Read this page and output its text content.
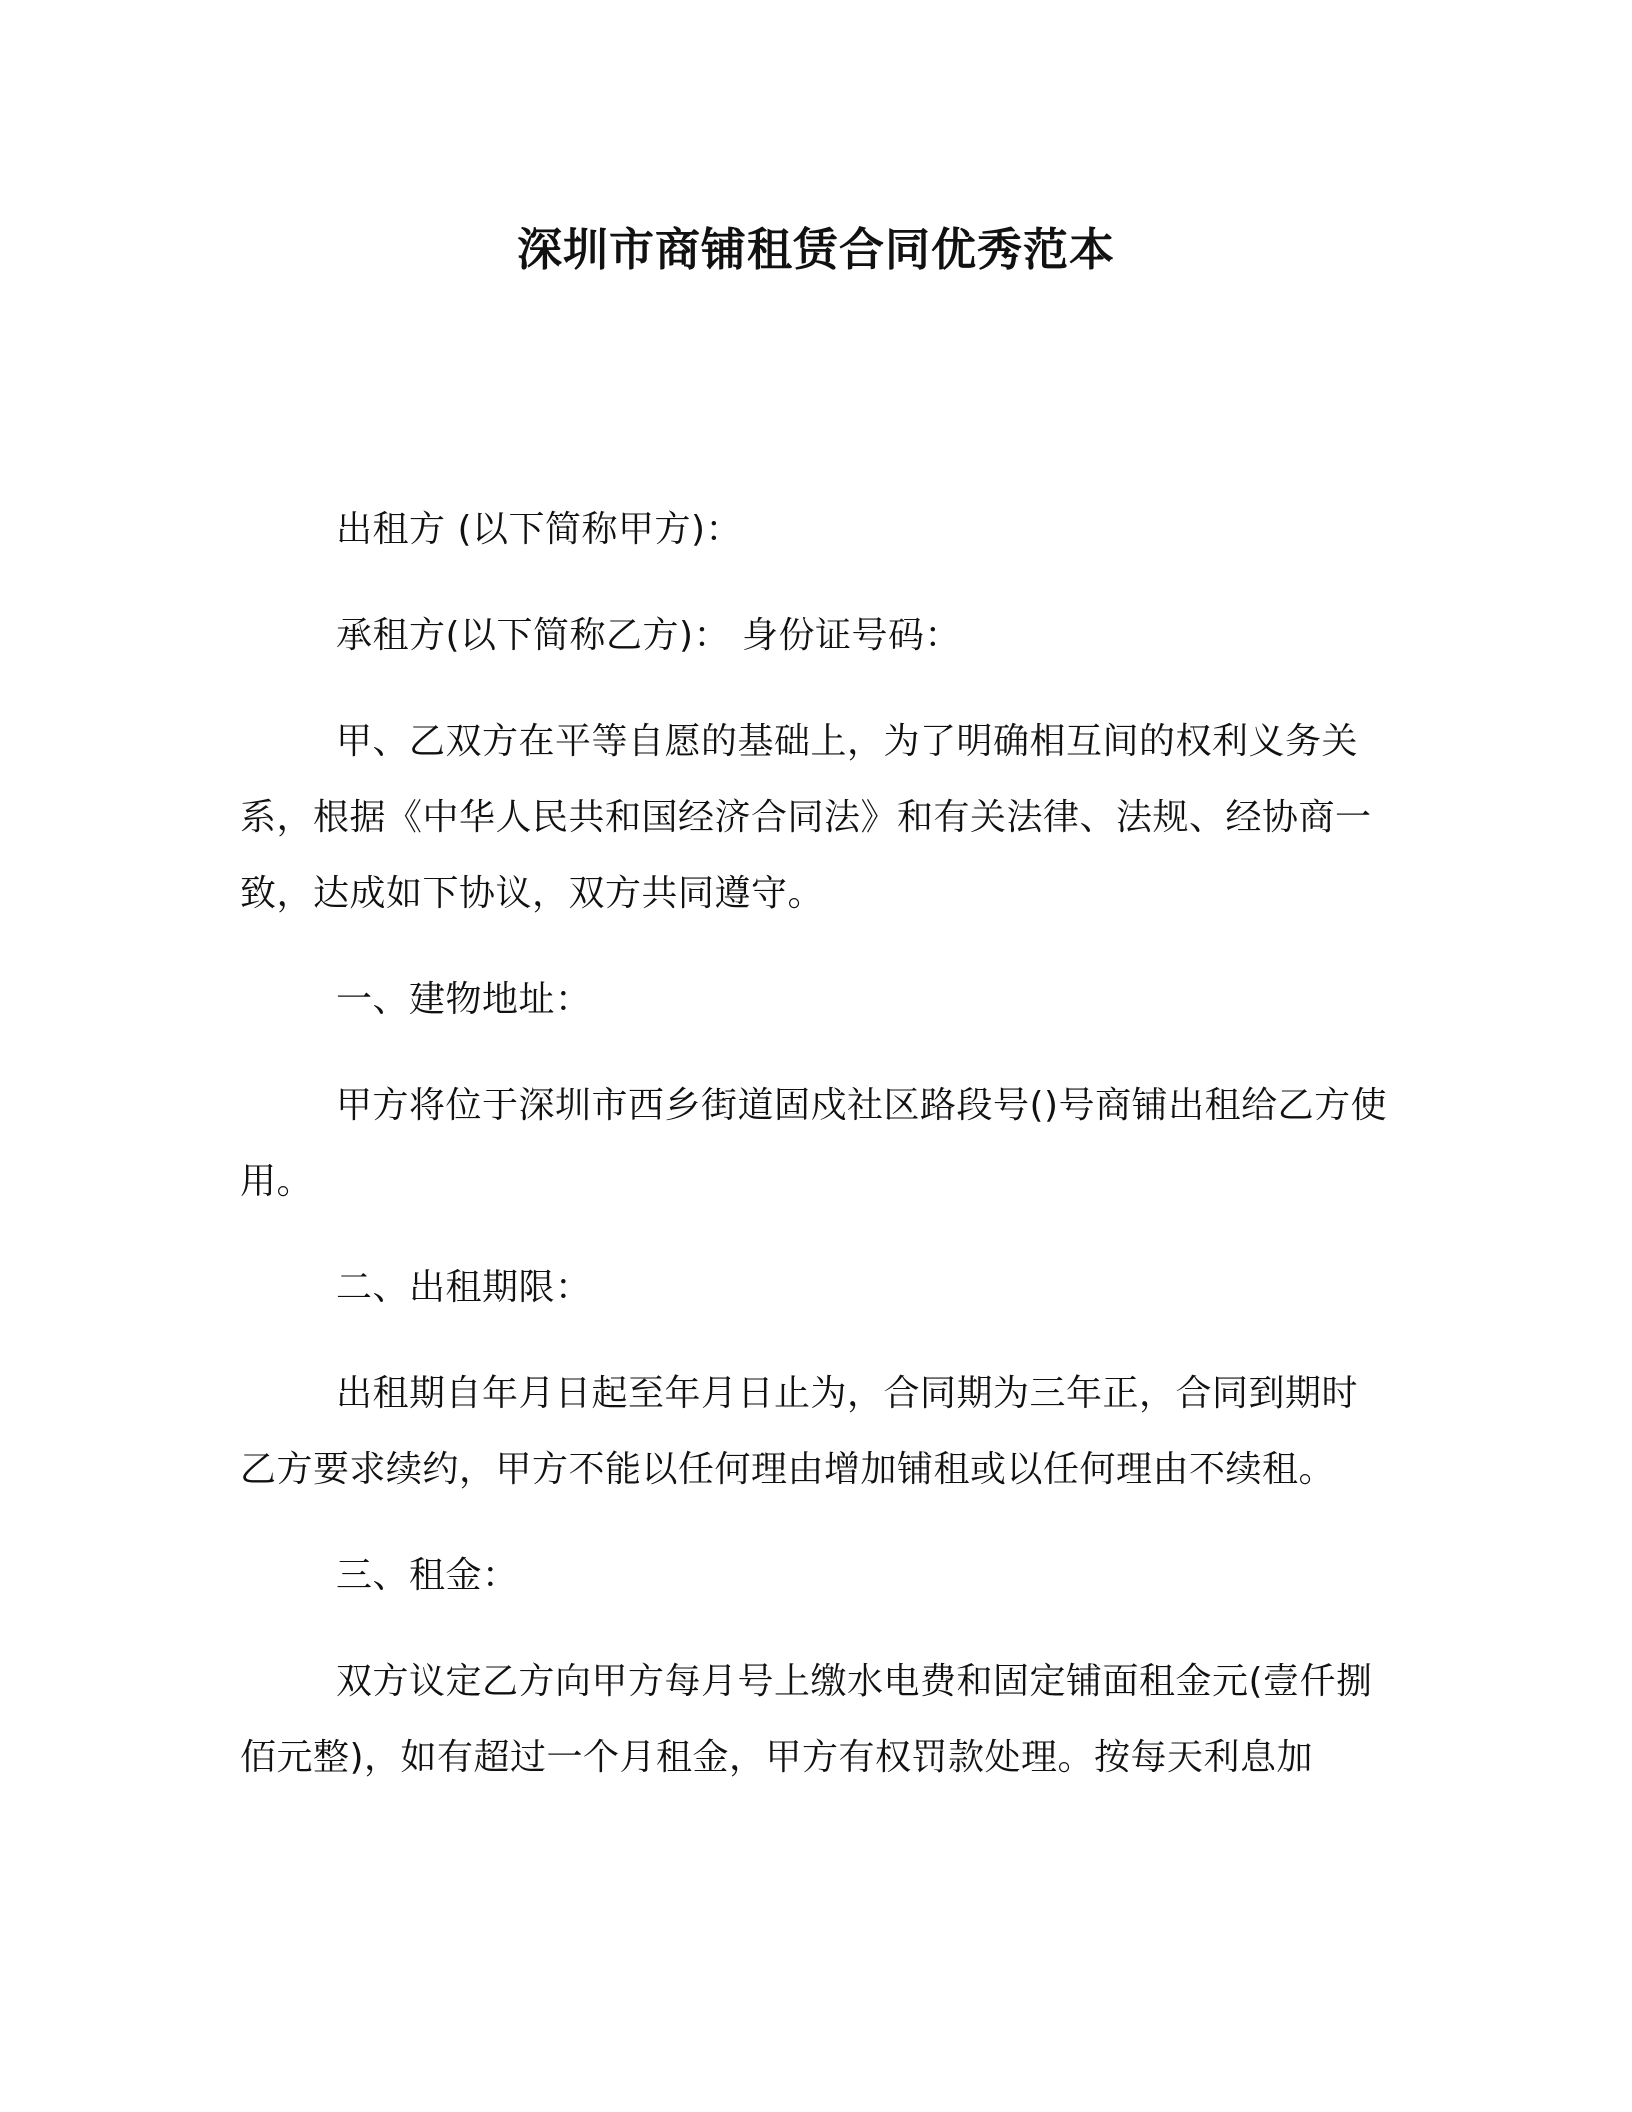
深圳市商铺租赁合同优秀范本

出租方 (以下简称甲方)：

承租方(以下简称乙方)： 身份证号码：

甲、乙双方在平等自愿的基础上，为了明确相互间的权利义务关系，根据《中华人民共和国经济合同法》和有关法律、法规、经协商一致，达成如下协议，双方共同遵守。

一、建物地址：

甲方将位于深圳市西乡街道固戍社区路段号()号商铺出租给乙方使用。

二、出租期限：

出租期自年月日起至年月日止为，合同期为三年正，合同到期时乙方要求续约，甲方不能以任何理由增加铺租或以任何理由不续租。

三、租金：

双方议定乙方向甲方每月号上缴水电费和固定铺面租金元(壹仟捌佰元整)，如有超过一个月租金，甲方有权罚款处理。按每天利息加
